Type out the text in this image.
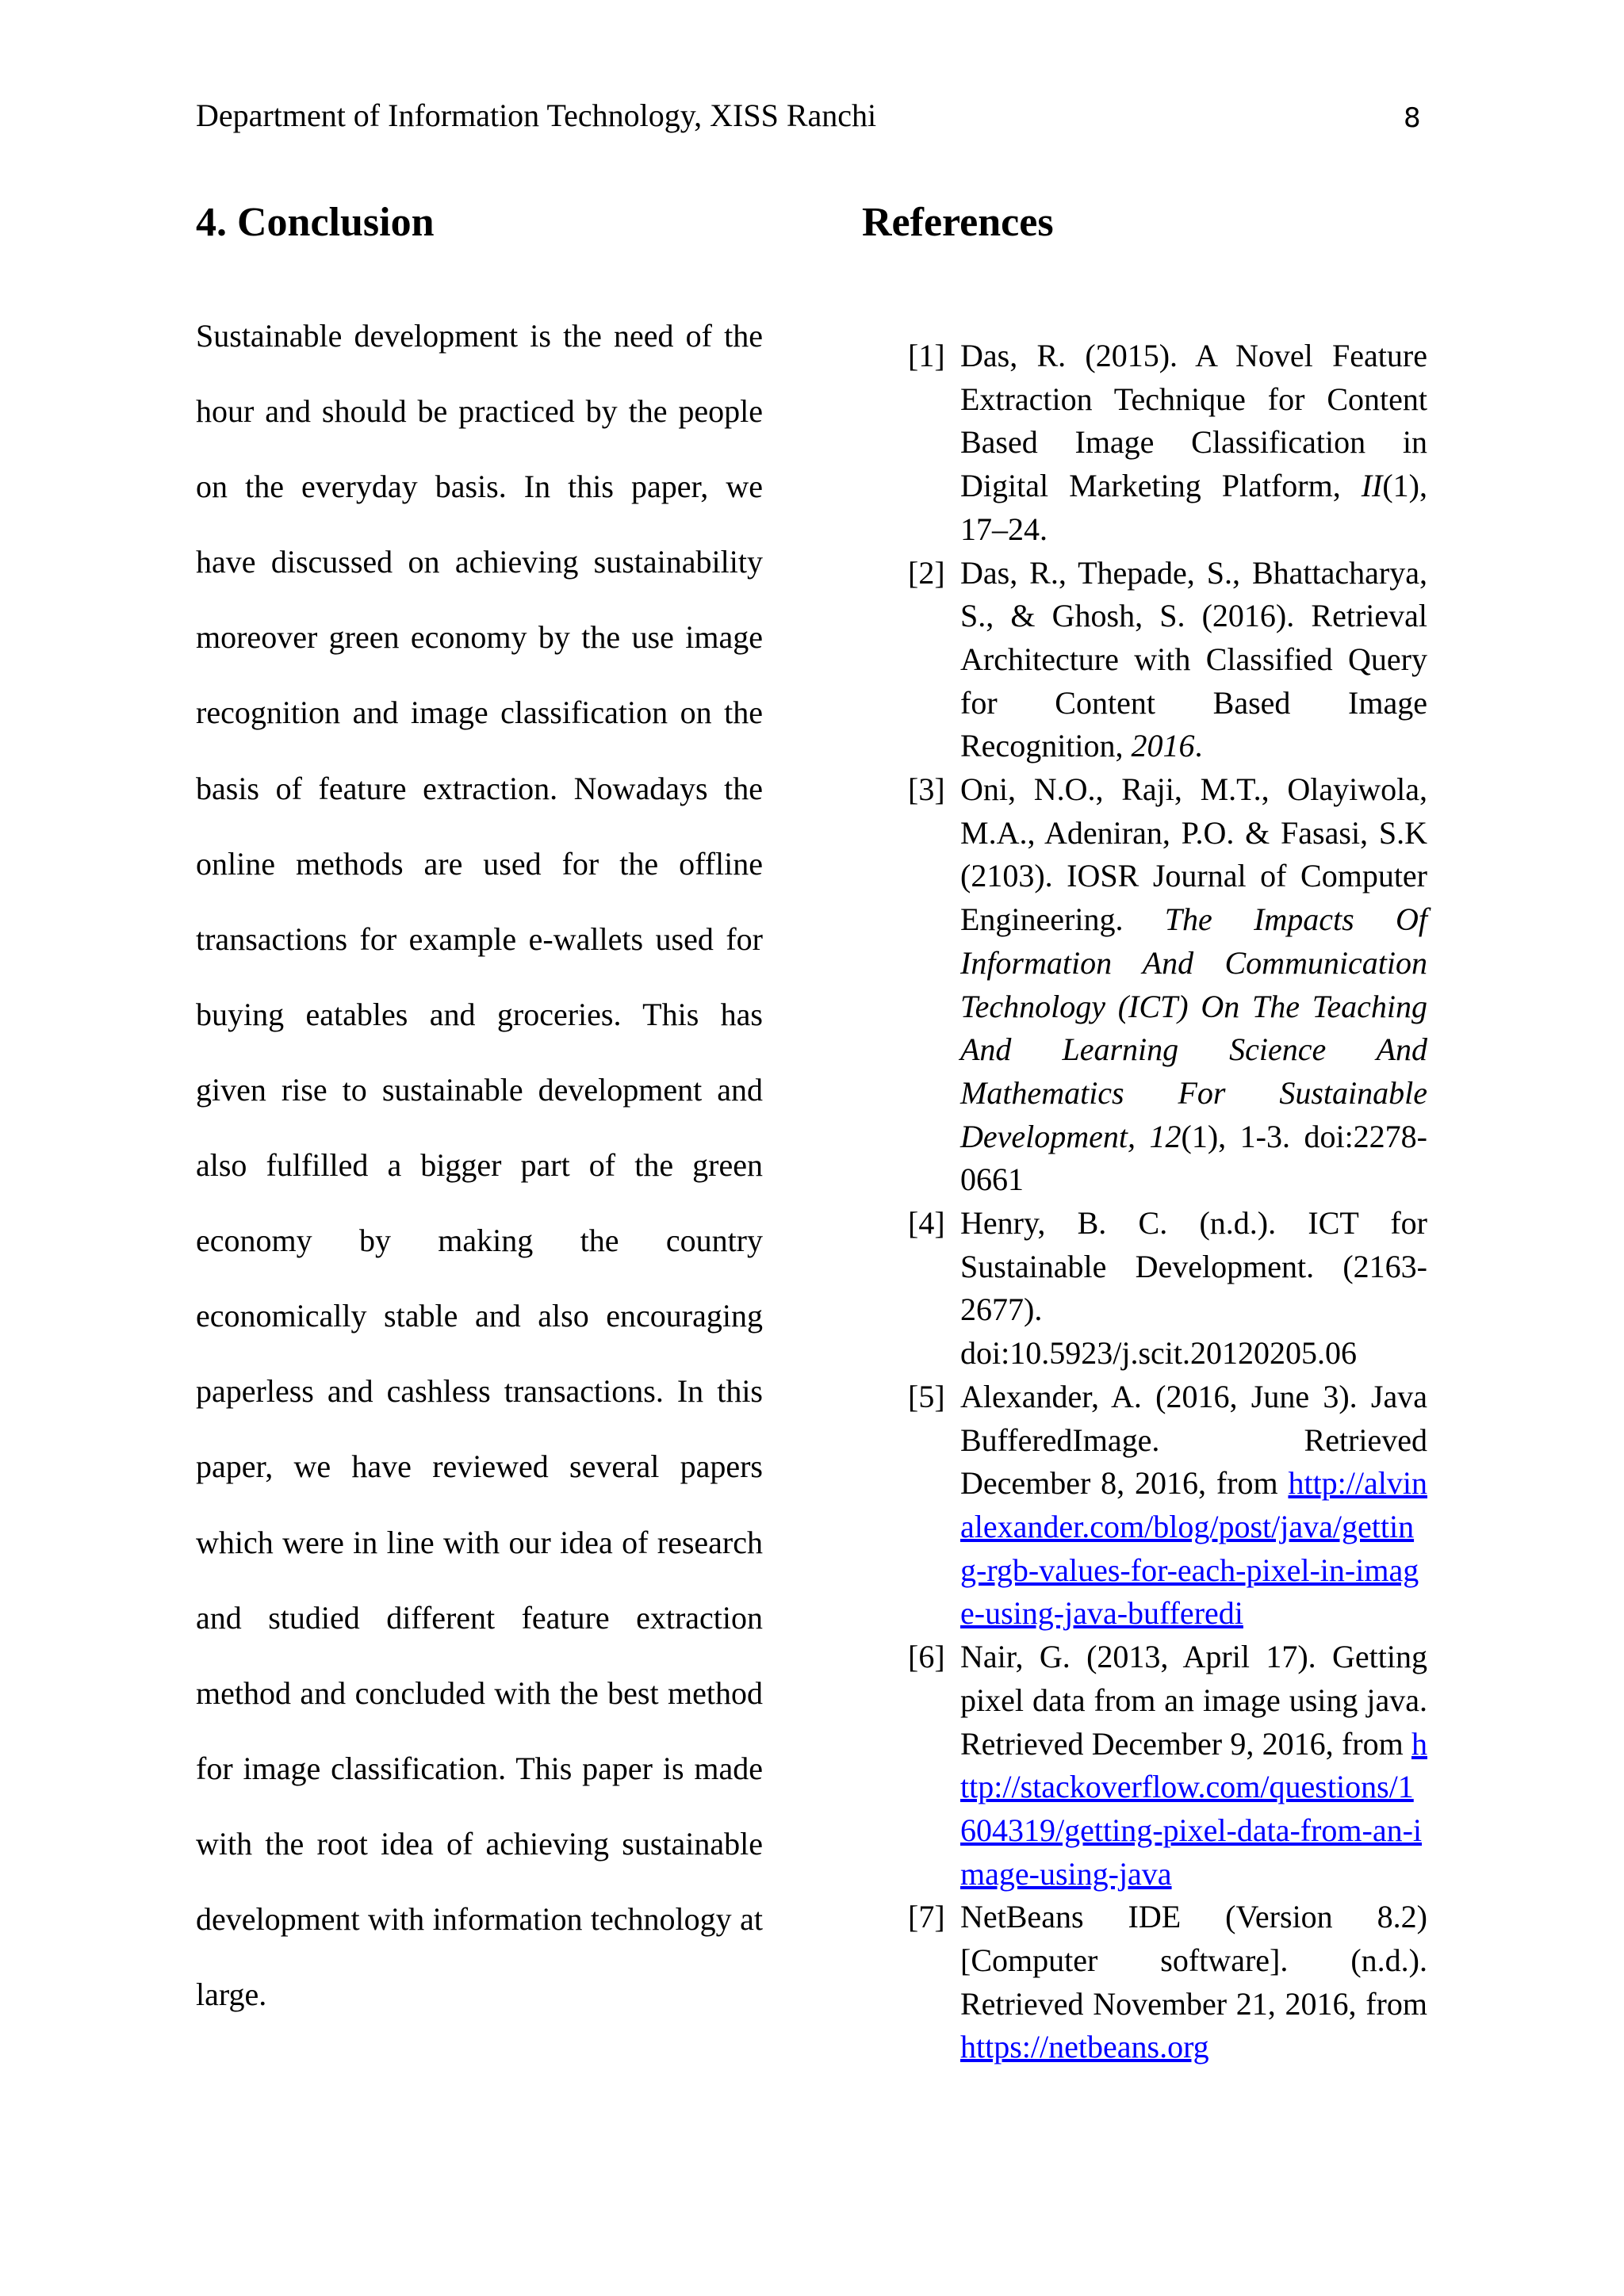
Department of Information Technology, XISS Ranchi	8
4. Conclusion

Sustainable development is the need of the hour and should be practiced by the people on the everyday basis. In this paper, we have discussed on achieving sustainability moreover green economy by the use image recognition and image classification on the basis of feature extraction. Nowadays the online methods are used for the offline transactions for example e-wallets used for buying eatables and groceries. This has given rise to sustainable development and also fulfilled a bigger part of the green economy by making the country economically stable and also encouraging paperless and cashless transactions. In this paper, we have reviewed several papers which were in line with our idea of research and studied different feature extraction method and concluded with the best method for image classification. This paper is made with the root idea of achieving sustainable development with information technology at large.

References
[1] Das, R. (2015). A Novel Feature Extraction Technique for Content Based Image Classification in Digital Marketing Platform, II(1), 17–24.
[2] Das, R., Thepade, S., Bhattacharya, S., & Ghosh, S. (2016). Retrieval Architecture with Classified Query for Content Based Image Recognition, 2016.
[3] Oni, N.O., Raji, M.T., Olayiwola, M.A., Adeniran, P.O. & Fasasi, S.K (2103). IOSR Journal of Computer Engineering. The Impacts Of Information And Communication Technology (ICT) On The Teaching And Learning Science And Mathematics For Sustainable Development, 12(1), 1-3. doi:2278-0661
[4] Henry, B. C. (n.d.). ICT for Sustainable Development. (2163-2677). doi:10.5923/j.scit.20120205.06
[5] Alexander, A. (2016, June 3). Java BufferedImage. Retrieved December 8, 2016, from http://alvinalexander.com/blog/post/java/getting-rgb-values-for-each-pixel-in-image-using-java-bufferedi
[6] Nair, G. (2013, April 17). Getting pixel data from an image using java. Retrieved December 9, 2016, from http://stackoverflow.com/questions/1604319/getting-pixel-data-from-an-image-using-java
[7] NetBeans IDE (Version 8.2) [Computer software]. (n.d.). Retrieved November 21, 2016, from https://netbeans.org
